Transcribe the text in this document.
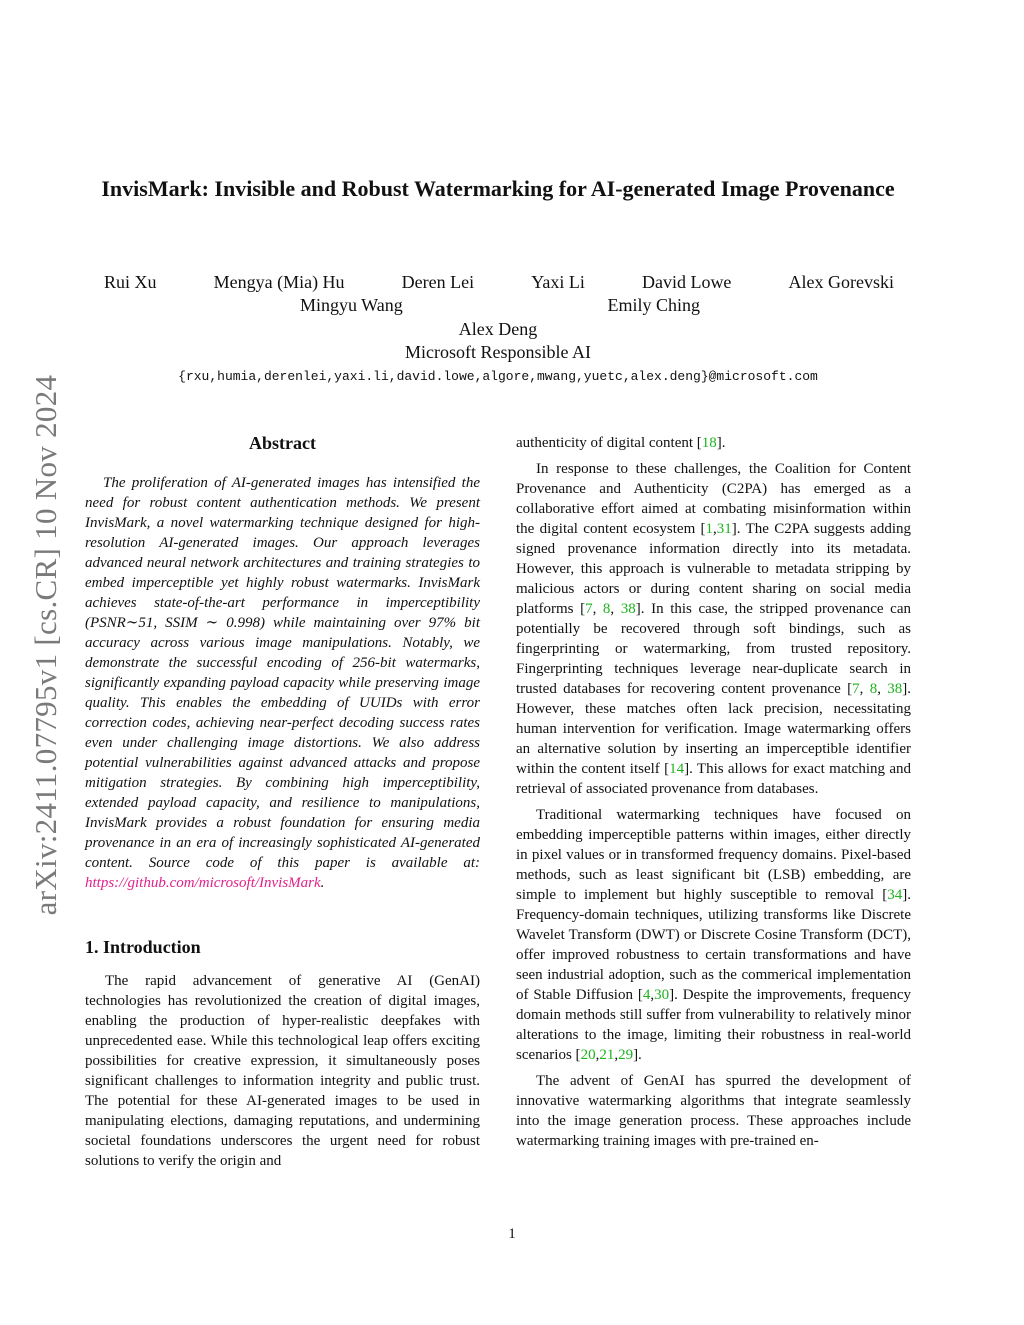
arXiv:2411.07795v1 [cs.CR] 10 Nov 2024
InvisMark: Invisible and Robust Watermarking for AI-generated Image Provenance
Rui Xu	Mengya (Mia) Hu	Deren Lei	Yaxi Li	David Lowe	Alex Gorevski
Mingyu Wang	Emily Ching
Alex Deng
Microsoft Responsible AI
{rxu,humia,derenlei,yaxi.li,david.lowe,algore,mwang,yuetc,alex.deng}@microsoft.com
Abstract

The proliferation of AI-generated images has intensified the need for robust content authentication methods. We present InvisMark, a novel watermarking technique designed for high-resolution AI-generated images. Our approach leverages advanced neural network architectures and training strategies to embed imperceptible yet highly robust watermarks. InvisMark achieves state-of-the-art performance in imperceptibility (PSNR∼51, SSIM ∼ 0.998) while maintaining over 97% bit accuracy across various image manipulations. Notably, we demonstrate the successful encoding of 256-bit watermarks, significantly expanding payload capacity while preserving image quality. This enables the embedding of UUIDs with error correction codes, achieving near-perfect decoding success rates even under challenging image distortions. We also address potential vulnerabilities against advanced attacks and propose mitigation strategies. By combining high imperceptibility, extended payload capacity, and resilience to manipulations, InvisMark provides a robust foundation for ensuring media provenance in an era of increasingly sophisticated AI-generated content. Source code of this paper is available at: https://github.com/microsoft/InvisMark.

1. Introduction

The rapid advancement of generative AI (GenAI) technologies has revolutionized the creation of digital images, enabling the production of hyper-realistic deepfakes with unprecedented ease. While this technological leap offers exciting possibilities for creative expression, it simultaneously poses significant challenges to information integrity and public trust. The potential for these AI-generated images to be used in manipulating elections, damaging reputations, and undermining societal foundations underscores the urgent need for robust solutions to verify the origin and

authenticity of digital content [18].

In response to these challenges, the Coalition for Content Provenance and Authenticity (C2PA) has emerged as a collaborative effort aimed at combating misinformation within the digital content ecosystem [1,31]. The C2PA suggests adding signed provenance information directly into its metadata. However, this approach is vulnerable to metadata stripping by malicious actors or during content sharing on social media platforms [7, 8, 38]. In this case, the stripped provenance can potentially be recovered through soft bindings, such as fingerprinting or watermarking, from trusted repository. Fingerprinting techniques leverage near-duplicate search in trusted databases for recovering content provenance [7, 8, 38]. However, these matches often lack precision, necessitating human intervention for verification. Image watermarking offers an alternative solution by inserting an imperceptible identifier within the content itself [14]. This allows for exact matching and retrieval of associated provenance from databases.

Traditional watermarking techniques have focused on embedding imperceptible patterns within images, either directly in pixel values or in transformed frequency domains. Pixel-based methods, such as least significant bit (LSB) embedding, are simple to implement but highly susceptible to removal [34]. Frequency-domain techniques, utilizing transforms like Discrete Wavelet Transform (DWT) or Discrete Cosine Transform (DCT), offer improved robustness to certain transformations and have seen industrial adoption, such as the commerical implementation of Stable Diffusion [4,30]. Despite the improvements, frequency domain methods still suffer from vulnerability to relatively minor alterations to the image, limiting their robustness in real-world scenarios [20,21,29].

The advent of GenAI has spurred the development of innovative watermarking algorithms that integrate seamlessly into the image generation process. These approaches include watermarking training images with pre-trained en-

1
